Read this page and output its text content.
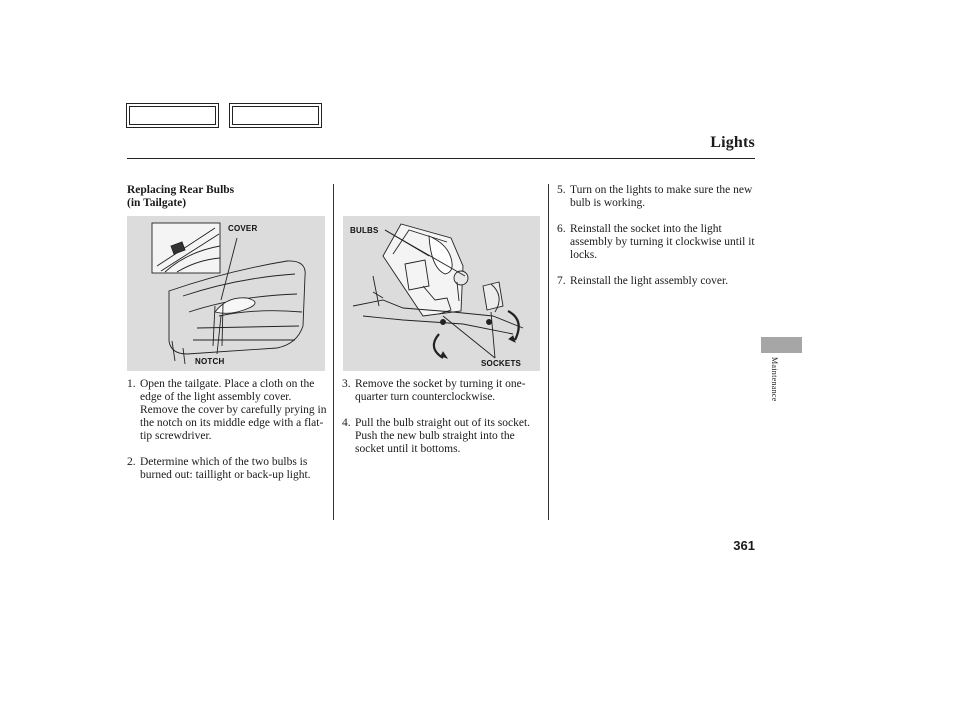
Lights
Replacing Rear Bulbs
(in Tailgate)
COVER
NOTCH
BULBS
SOCKETS
1. Open the tailgate. Place a cloth on the edge of the light assembly cover. Remove the cover by carefully prying in the notch on its middle edge with a flat-tip screwdriver.
2. Determine which of the two bulbs is burned out: taillight or back-up light.
3. Remove the socket by turning it one-quarter turn counterclockwise.
4. Pull the bulb straight out of its socket. Push the new bulb straight into the socket until it bottoms.
5. Turn on the lights to make sure the new bulb is working.
6. Reinstall the socket into the light assembly by turning it clockwise until it locks.
7. Reinstall the light assembly cover.
Maintenance
361
